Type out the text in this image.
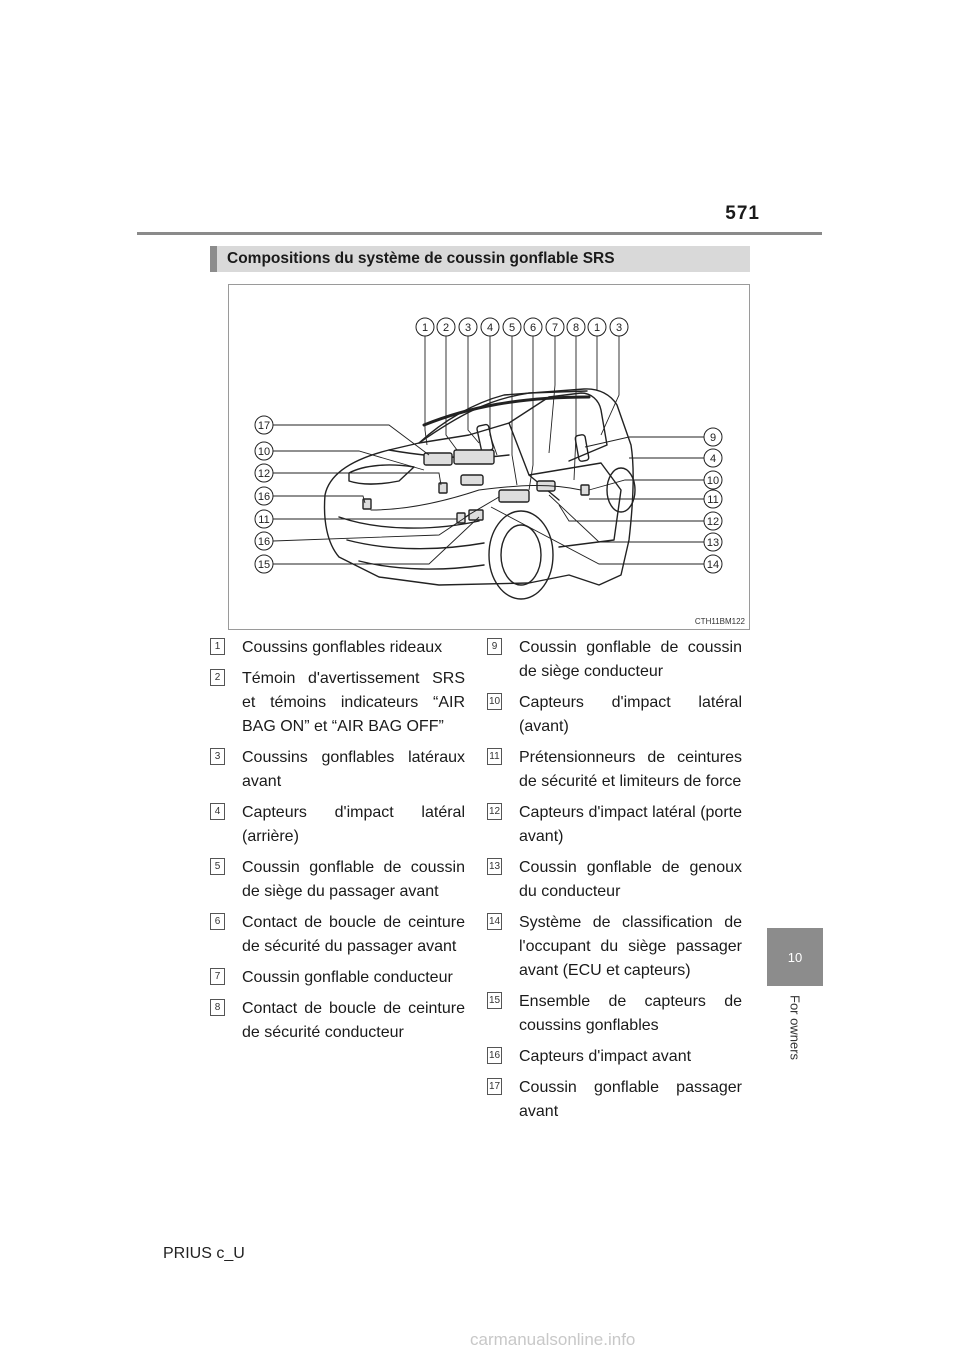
571
10
For owners
Compositions du système de coussin gonflable SRS
1 2 3 4 5 6 7 8 1 3
17
10
12
16
11
16
15
9
4
10
11
12
13
14
CTH11BM122
1 Coussins gonflables rideaux
2 Témoin d'avertissement SRS et témoins indicateurs “AIR BAG ON” et “AIR BAG OFF”
3 Coussins gonflables latéraux avant
4 Capteurs d'impact latéral (arrière)
5 Coussin gonflable de coussin de siège du passager avant
6 Contact de boucle de ceinture de sécurité du passager avant
7 Coussin gonflable conducteur
8 Contact de boucle de ceinture de sécurité conducteur
9 Coussin gonflable de coussin de siège conducteur
10 Capteurs d'impact latéral (avant)
11 Prétensionneurs de ceintures de sécurité et limiteurs de force
12 Capteurs d'impact latéral (porte avant)
13 Coussin gonflable de genoux du conducteur
14 Système de classification de l'occupant du siège passager avant (ECU et capteurs)
15 Ensemble de capteurs de coussins gonflables
16 Capteurs d'impact avant
17 Coussin gonflable passager avant
PRIUS c_U
carmanualsonline.info
